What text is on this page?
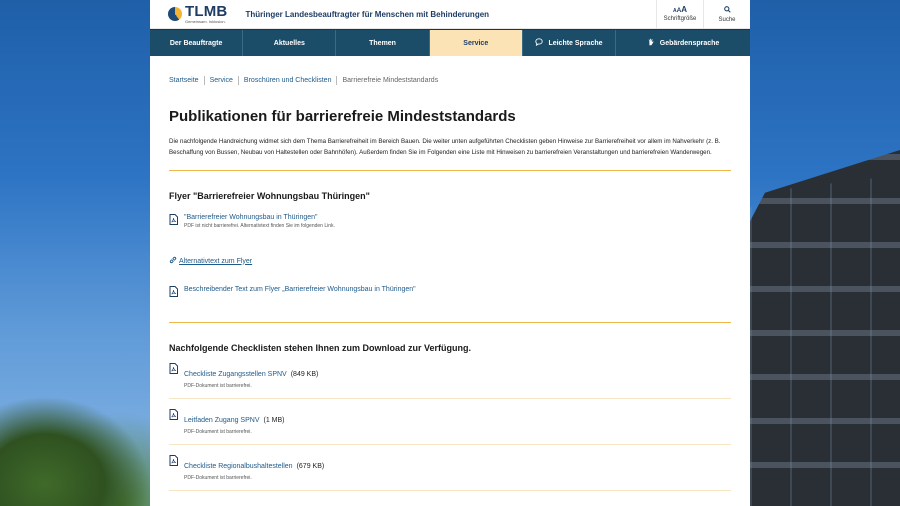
TLMB
Gemeinsam. Inklusion.
Thüringer Landesbeauftragter für Menschen mit Behinderungen	AAA
Schriftgröße	Suche
Der Beauftragte	Aktuelles	Themen	Service	Leichte Sprache	Gebärdensprache
Startseite Service Broschüren und Checklisten Barrierefreie Mindeststandards
Publikationen für barrierefreie Mindeststandards

Die nachfolgende Handreichung widmet sich dem Thema Barrierefreiheit im Bereich Bauen. Die weiter unten aufgeführten Checklisten geben Hinweise zur Barrierefreiheit vor allem im Nahverkehr (z. B. Beschaffung von Bussen, Neubau von Haltestellen oder Bahnhöfen). Außerdem finden Sie im Folgenden eine Liste mit Hinweisen zu barrierefreien Veranstaltungen und barrierefreien Wanderwegen.

Flyer "Barrierefreier Wohnungsbau Thüringen"
"Barrierefreier Wohnungsbau in Thüringen"
PDF ist nicht barrierefrei. Alternativtext finden Sie im folgenden Link.
Alternativtext zum Flyer
Beschreibender Text zum Flyer „Barrierefreier Wohnungsbau in Thüringen"
Nachfolgende Checklisten stehen Ihnen zum Download zur Verfügung.
Checkliste Zugangsstellen SPNV (849 KB)
PDF-Dokument ist barrierefrei.
Leitfaden Zugang SPNV (1 MB)
PDF-Dokument ist barrierefrei.
Checkliste Regionalbushaltestellen (679 KB)
PDF-Dokument ist barrierefrei.
